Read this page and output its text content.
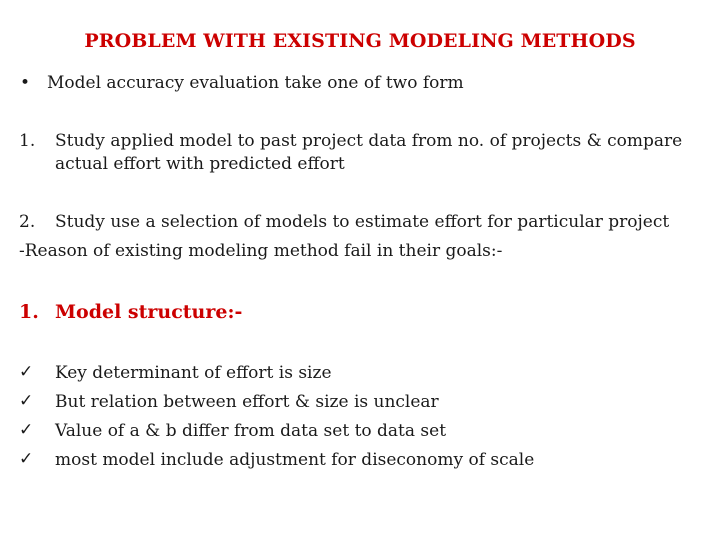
PROBLEM WITH EXISTING MODELING METHODS
• Model accuracy evaluation take one of two form
1. Study applied model to past project data from no. of projects & compare
actual effort with predicted effort
2. Study use a selection of models to estimate effort for particular project
-Reason of existing modeling method fail in their goals:-
1. Model structure:-
✓ Key determinant of effort is size
✓ But relation between effort & size is unclear
✓ Value of a & b differ from data set to data set
✓ most model include adjustment for diseconomy of scale
